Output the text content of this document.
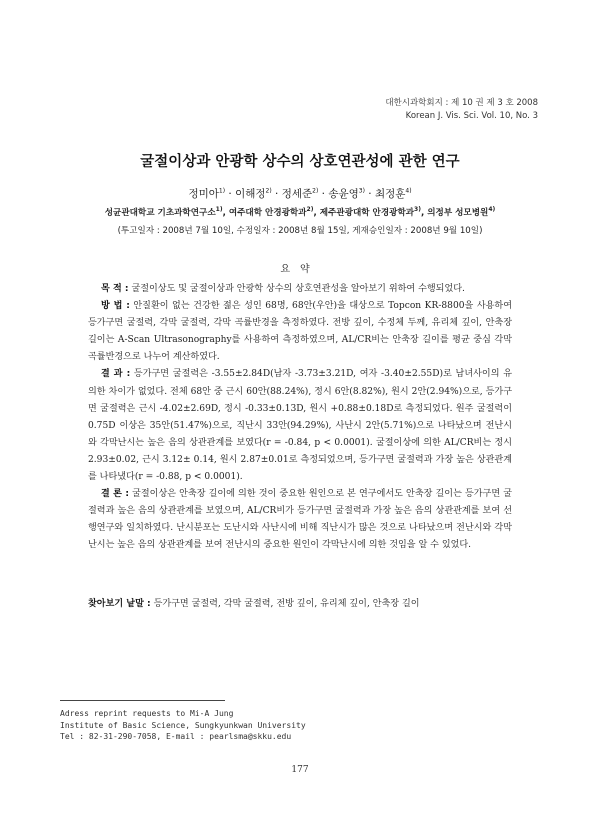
대한시과학회지 : 제 10 권 제 3 호 2008
Korean J. Vis. Sci. Vol. 10, No. 3
굴절이상과 안광학 상수의 상호연관성에 관한 연구
정미아$^{1)}$ · 이해정$^{2)}$ · 정세준$^{2)}$ · 송윤영$^{3)}$ · 최정훈$^{4)}$
성균관대학교 기초과학연구소$^{1)}$, 여주대학 안경광학과$^{2)}$, 제주관광대학 안경광학과$^{3)}$, 의정부 성모병원$^{4)}$
(투고일자 : 2008년 7월 10일, 수정일자 : 2008년 8월 15일, 게재승인일자 : 2008년 9월 10일)
요약

목 적 : 굴절이상도 및 굴절이상과 안광학 상수의 상호연관성을 알아보기 위하여 수행되었다.

방 법 : 안질환이 없는 건강한 젊은 성인 68명, 68안(우안)을 대상으로 Topcon KR-8800을 사용하여 등가구면 굴절력, 각막 굴절력, 각막 곡률반경을 측정하였다. 전방 깊이, 수정체 두께, 유리체 깊이, 안축장 길이는 A-Scan Ultrasonography를 사용하여 측정하였으며, AL/CR비는 안축장 길이를 평균 중심 각막 곡률반경으로 나누어 계산하였다.

결 과 : 등가구면 굴절력은 -3.55±2.84D(남자 -3.73±3.21D, 여자 -3.40±2.55D)로 남녀사이의 유의한 차이가 없었다. 전체 68안 중 근시 60안(88.24%), 정시 6안(8.82%), 원시 2안(2.94%)으로, 등가구면 굴절력은 근시 -4.02±2.69D, 정시 -0.33±0.13D, 원시 +0.88±0.18D로 측정되었다. 원주 굴절력이 0.75D 이상은 35안(51.47%)으로, 직난시 33안(94.29%), 사난시 2안(5.71%)으로 나타났으며 전난시와 각막난시는 높은 음의 상관관계를 보였다(r = -0.84, p < 0.0001). 굴절이상에 의한 AL/CR비는 정시 2.93±0.02, 근시 3.12± 0.14, 원시 2.87±0.01로 측정되었으며, 등가구면 굴절력과 가장 높은 상관관계를 나타냈다(r = -0.88, p < 0.0001).

결 론 : 굴절이상은 안축장 길이에 의한 것이 중요한 원인으로 본 연구에서도 안축장 길이는 등가구면 굴절력과 높은 음의 상관관계를 보였으며, AL/CR비가 등가구면 굴절력과 가장 높은 음의 상관관계를 보여 선행연구와 일치하였다. 난시분포는 도난시와 사난시에 비해 직난시가 많은 것으로 나타났으며 전난시와 각막난시는 높은 음의 상관관계를 보여 전난시의 중요한 원인이 각막난시에 의한 것임을 알 수 있었다.

찾아보기 낱말 : 등가구면 굴절력, 각막 굴절력, 전방 깊이, 유리체 깊이, 안축장 길이
Adress reprint requests to Mi-A Jung
Institute of Basic Science, Sungkyunkwan University
Tel : 82-31-290-7058, E-mail : pearlsma@skku.edu
177
